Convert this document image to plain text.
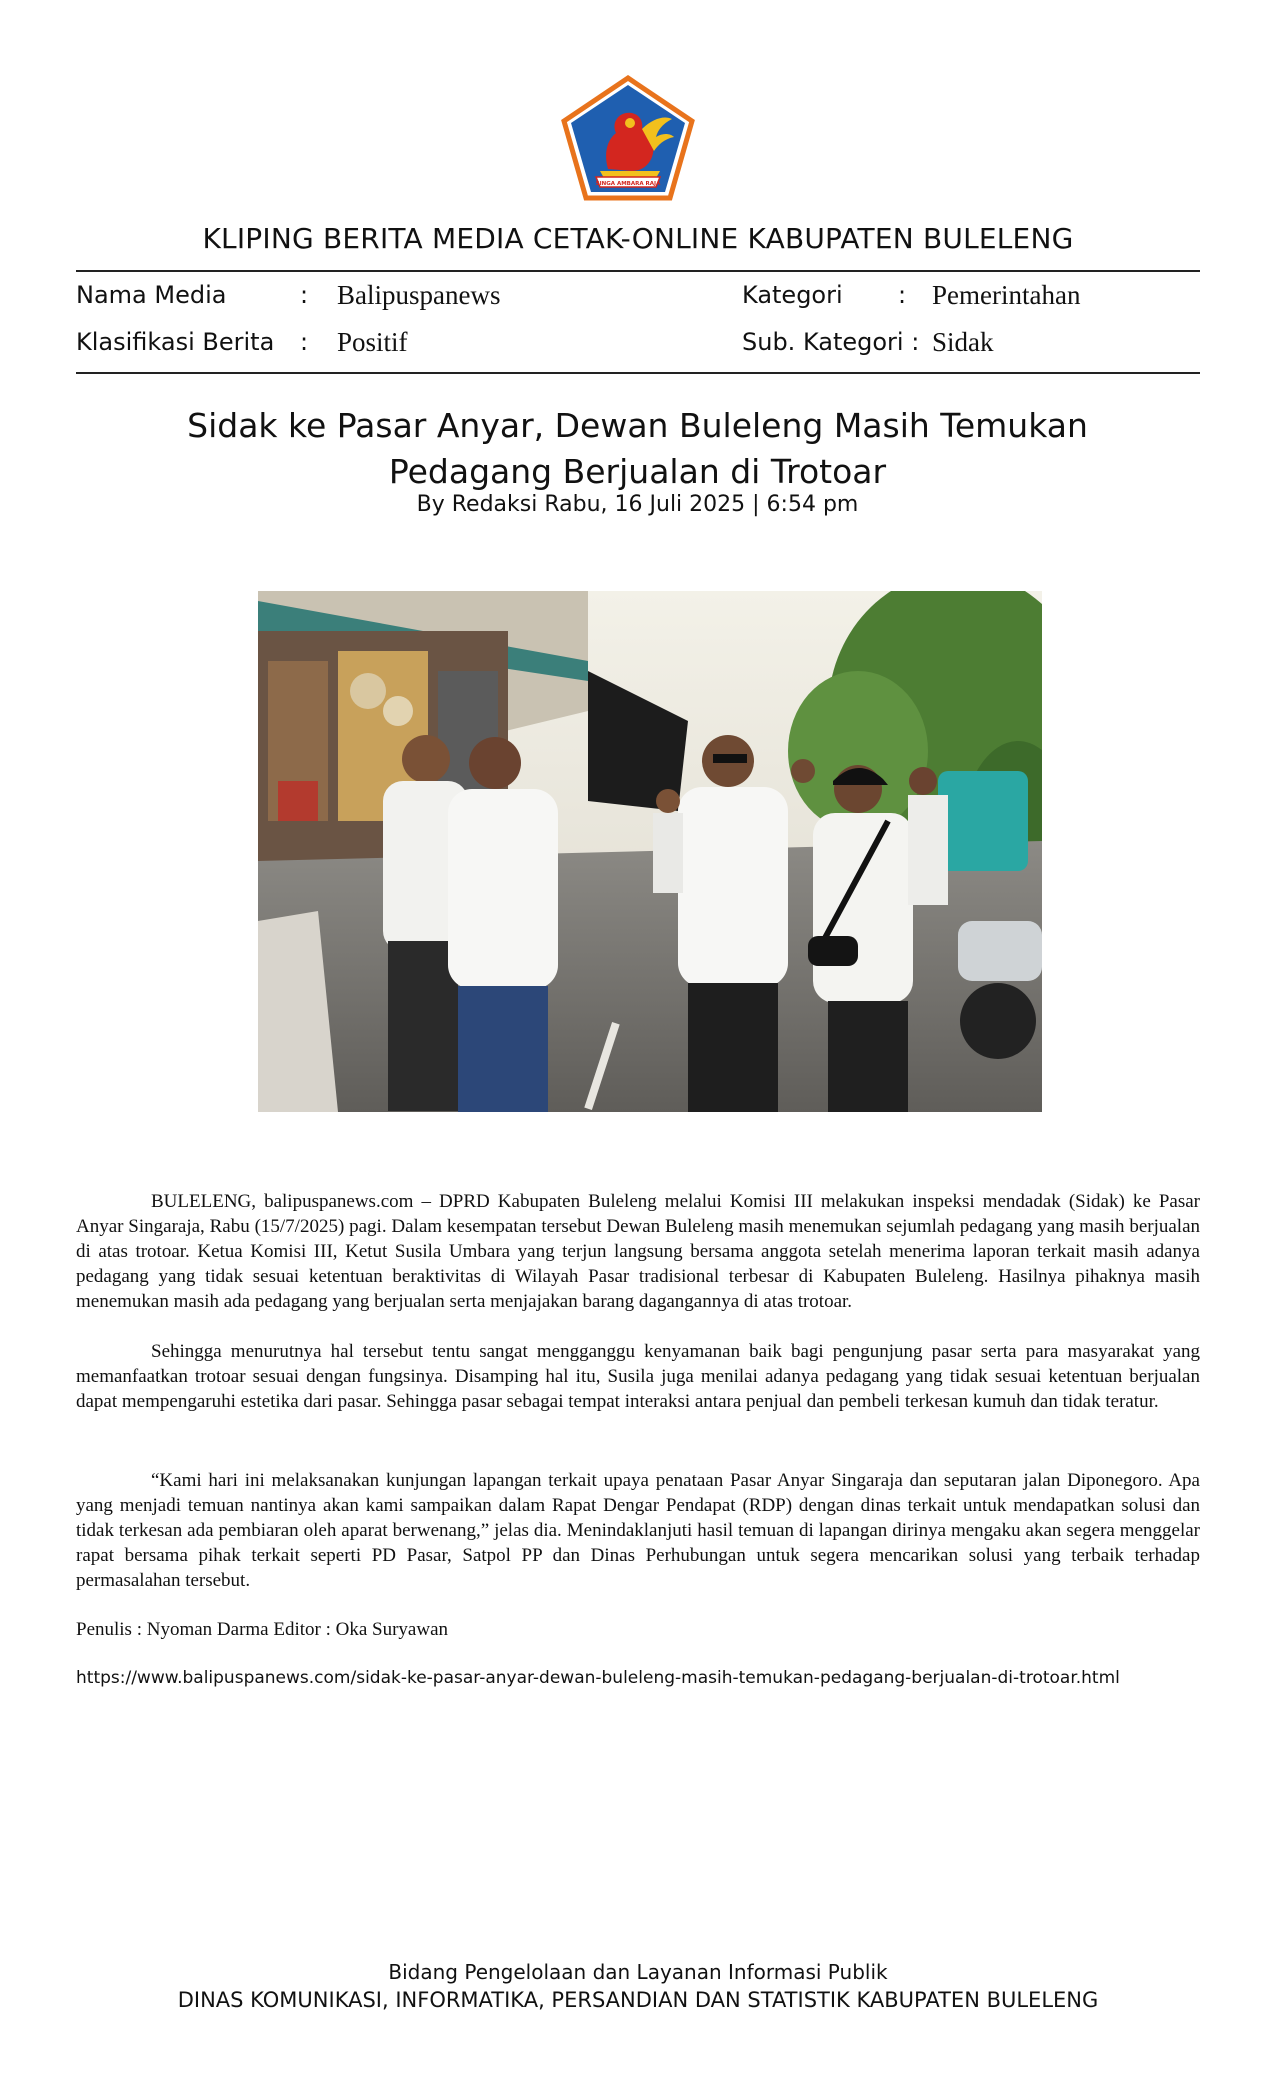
SINGA AMBARA RAJA
KLIPING BERITA MEDIA CETAK-ONLINE KABUPATEN BULELENG
Nama Media	: Balipuspanews	Kategori : Pemerintahan
Klasifikasi Berita : Positif	Sub. Kategori : Sidak
Sidak ke Pasar Anyar, Dewan Buleleng Masih Temukan
Pedagang Berjualan di Trotoar
By Redaksi Rabu, 16 Juli 2025 | 6:54 pm

BULELENG, balipuspanews.com – DPRD Kabupaten Buleleng melalui Komisi III melakukan inspeksi mendadak (Sidak) ke Pasar Anyar Singaraja, Rabu (15/7/2025) pagi. Dalam kesempatan tersebut Dewan Buleleng masih menemukan sejumlah pedagang yang masih berjualan di atas trotoar. Ketua Komisi III, Ketut Susila Umbara yang terjun langsung bersama anggota setelah menerima laporan terkait masih adanya pedagang yang tidak sesuai ketentuan beraktivitas di Wilayah Pasar tradisional terbesar di Kabupaten Buleleng. Hasilnya pihaknya masih menemukan masih ada pedagang yang berjualan serta menjajakan barang dagangannya di atas trotoar.

Sehingga menurutnya hal tersebut tentu sangat mengganggu kenyamanan baik bagi pengunjung pasar serta para masyarakat yang memanfaatkan trotoar sesuai dengan fungsinya. Disamping hal itu, Susila juga menilai adanya pedagang yang tidak sesuai ketentuan berjualan dapat mempengaruhi estetika dari pasar. Sehingga pasar sebagai tempat interaksi antara penjual dan pembeli terkesan kumuh dan tidak teratur.

“Kami hari ini melaksanakan kunjungan lapangan terkait upaya penataan Pasar Anyar Singaraja dan seputaran jalan Diponegoro. Apa yang menjadi temuan nantinya akan kami sampaikan dalam Rapat Dengar Pendapat (RDP) dengan dinas terkait untuk mendapatkan solusi dan tidak terkesan ada pembiaran oleh aparat berwenang,” jelas dia. Menindaklanjuti hasil temuan di lapangan dirinya mengaku akan segera menggelar rapat bersama pihak terkait seperti PD Pasar, Satpol PP dan Dinas Perhubungan untuk segera mencarikan solusi yang terbaik terhadap permasalahan tersebut.

Penulis : Nyoman Darma Editor : Oka Suryawan
https://www.balipuspanews.com/sidak-ke-pasar-anyar-dewan-buleleng-masih-temukan-pedagang-berjualan-di-trotoar.html
Bidang Pengelolaan dan Layanan Informasi Publik
DINAS KOMUNIKASI, INFORMATIKA, PERSANDIAN DAN STATISTIK KABUPATEN BULELENG
